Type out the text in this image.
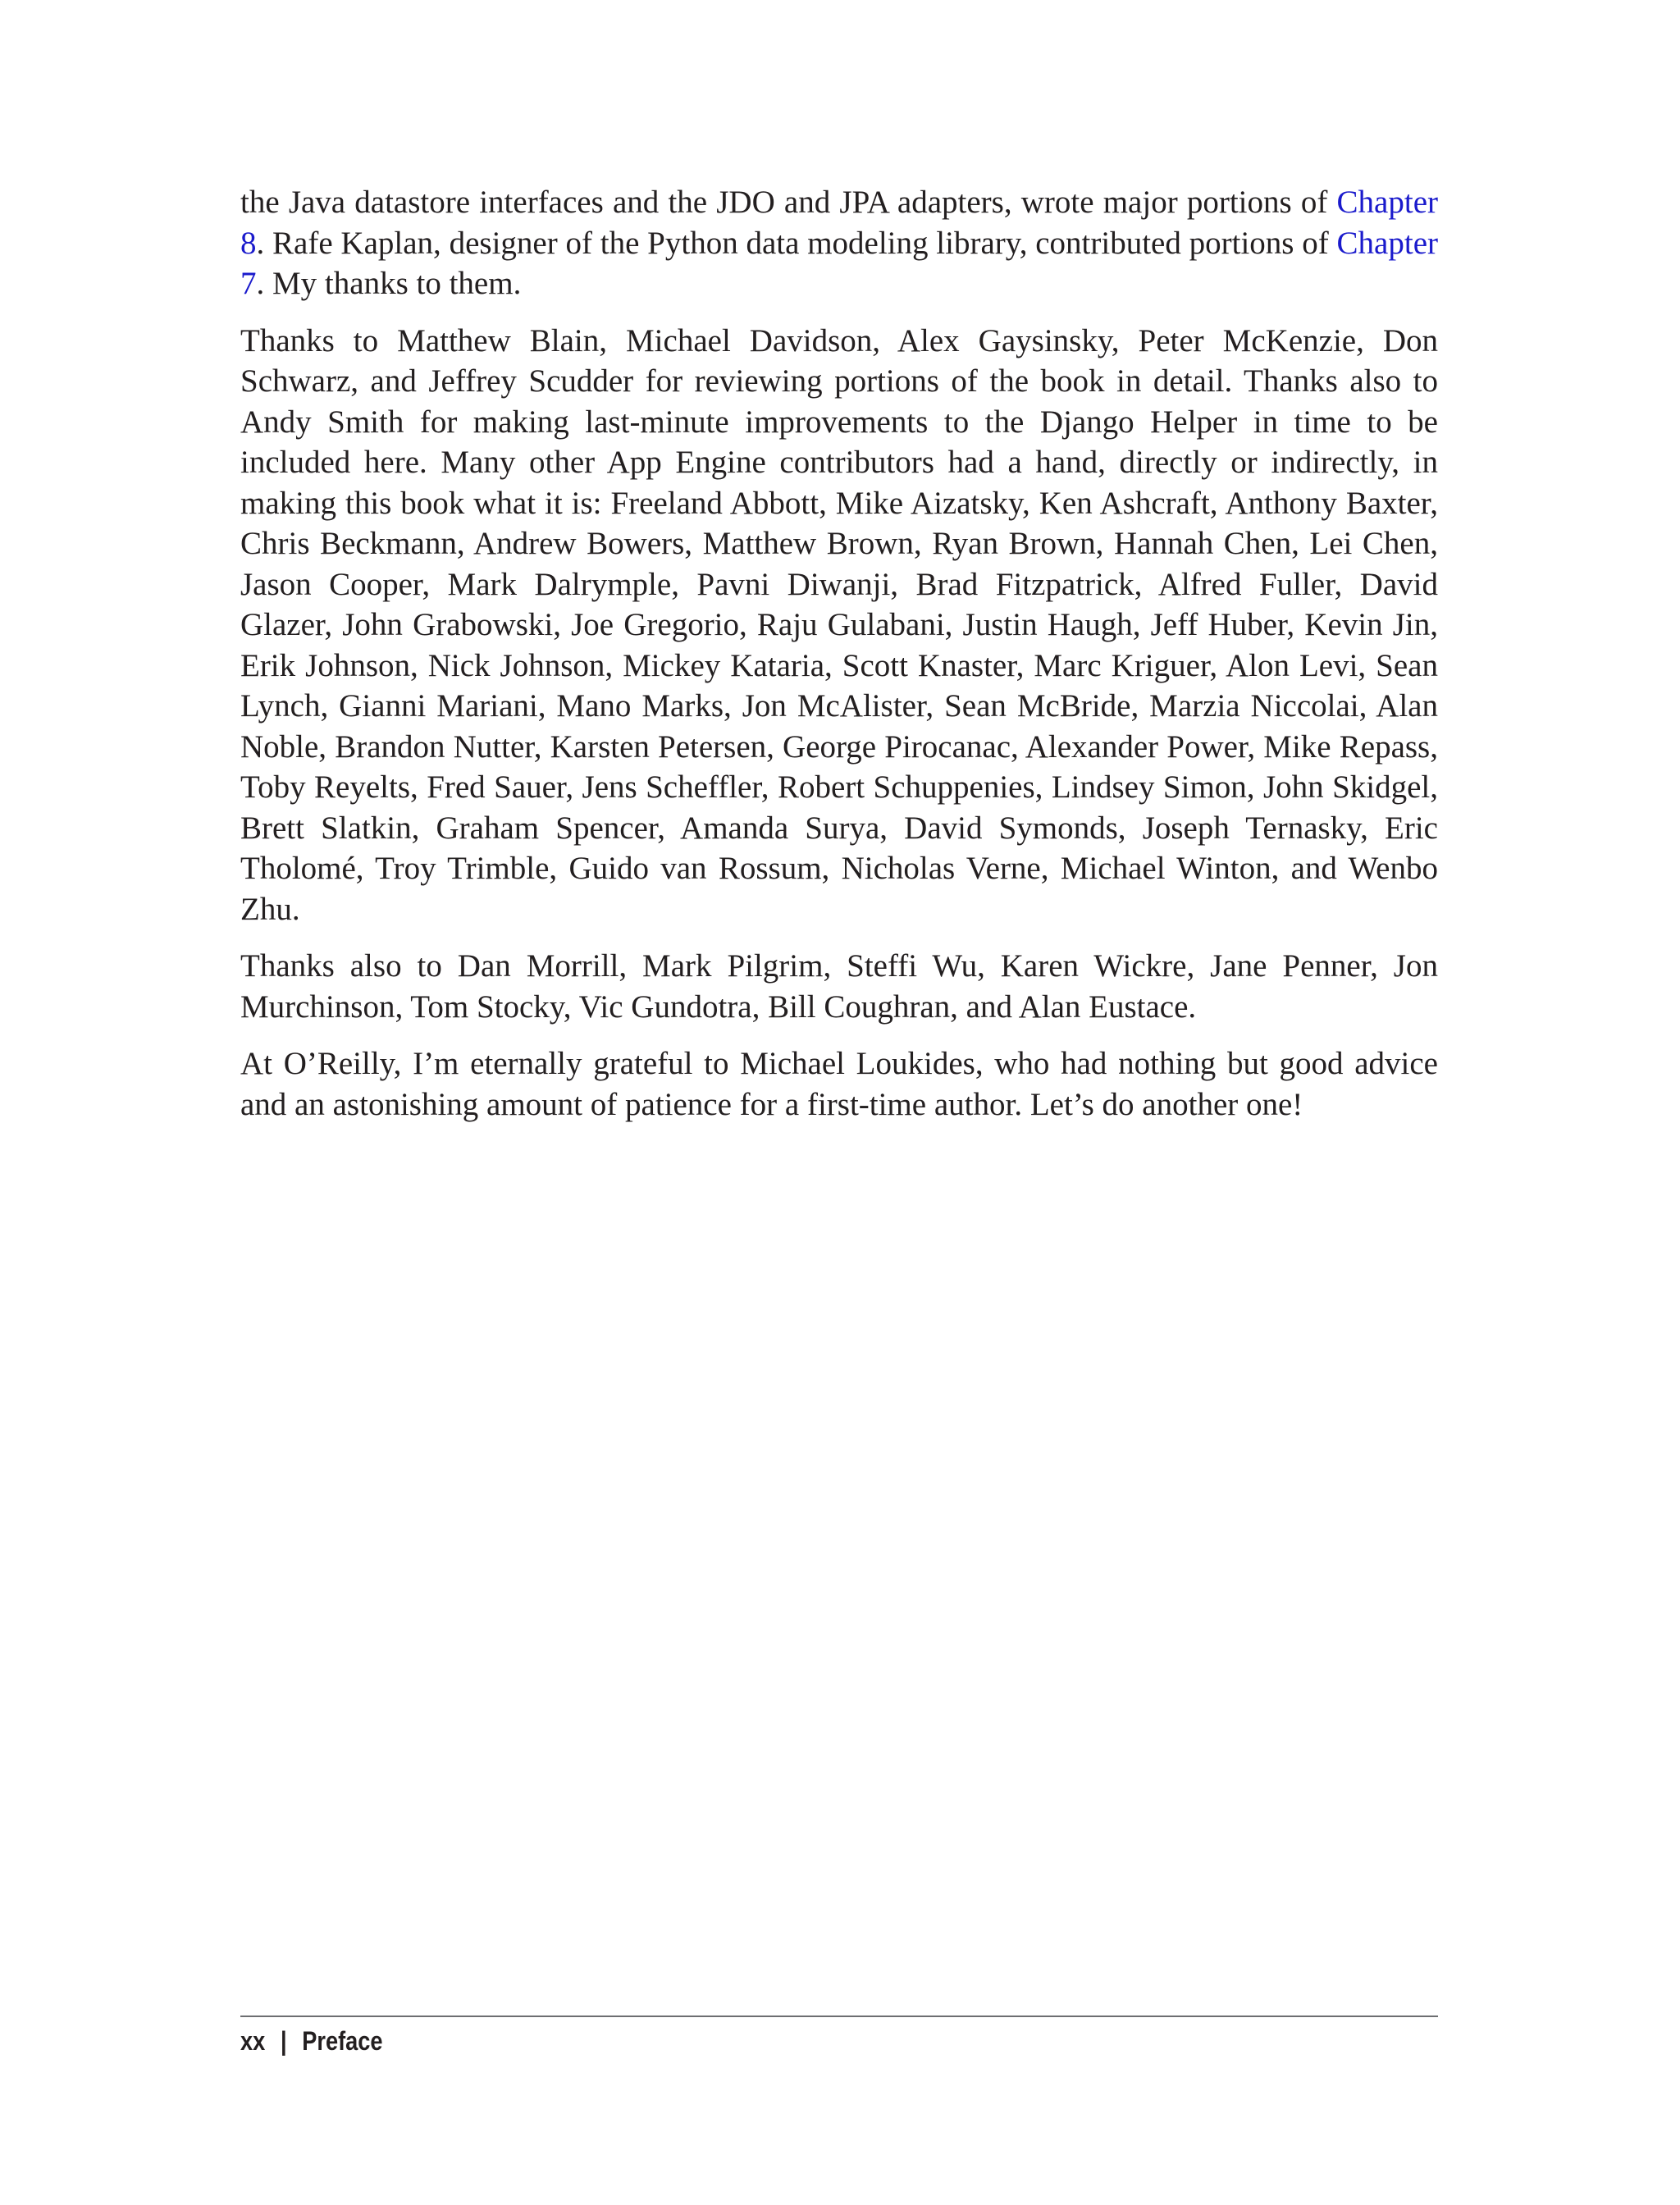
the Java datastore interfaces and the JDO and JPA adapters, wrote major portions of Chapter 8. Rafe Kaplan, designer of the Python data modeling library, contributed portions of Chapter 7. My thanks to them.

Thanks to Matthew Blain, Michael Davidson, Alex Gaysinsky, Peter McKenzie, Don Schwarz, and Jeffrey Scudder for reviewing portions of the book in detail. Thanks also to Andy Smith for making last-minute improvements to the Django Helper in time to be included here. Many other App Engine contributors had a hand, directly or indirectly, in making this book what it is: Freeland Abbott, Mike Aizatsky, Ken Ashcraft, Anthony Baxter, Chris Beckmann, Andrew Bowers, Matthew Brown, Ryan Brown, Hannah Chen, Lei Chen, Jason Cooper, Mark Dalrymple, Pavni Diwanji, Brad Fitzpatrick, Alfred Fuller, David Glazer, John Grabowski, Joe Gregorio, Raju Gulabani, Justin Haugh, Jeff Huber, Kevin Jin, Erik Johnson, Nick Johnson, Mickey Kataria, Scott Knaster, Marc Kriguer, Alon Levi, Sean Lynch, Gianni Mariani, Mano Marks, Jon McAlister, Sean McBride, Marzia Niccolai, Alan Noble, Brandon Nutter, Karsten Petersen, George Pirocanac, Alexander Power, Mike Repass, Toby Reyelts, Fred Sauer, Jens Scheffler, Robert Schuppenies, Lindsey Simon, John Skidgel, Brett Slatkin, Graham Spencer, Amanda Surya, David Symonds, Joseph Ternasky, Eric Tholomé, Troy Trimble, Guido van Rossum, Nicholas Verne, Michael Winton, and Wenbo Zhu.

Thanks also to Dan Morrill, Mark Pilgrim, Steffi Wu, Karen Wickre, Jane Penner, Jon Murchinson, Tom Stocky, Vic Gundotra, Bill Coughran, and Alan Eustace.

At O’Reilly, I’m eternally grateful to Michael Loukides, who had nothing but good advice and an astonishing amount of patience for a first-time author. Let’s do another one!

xx | Preface
